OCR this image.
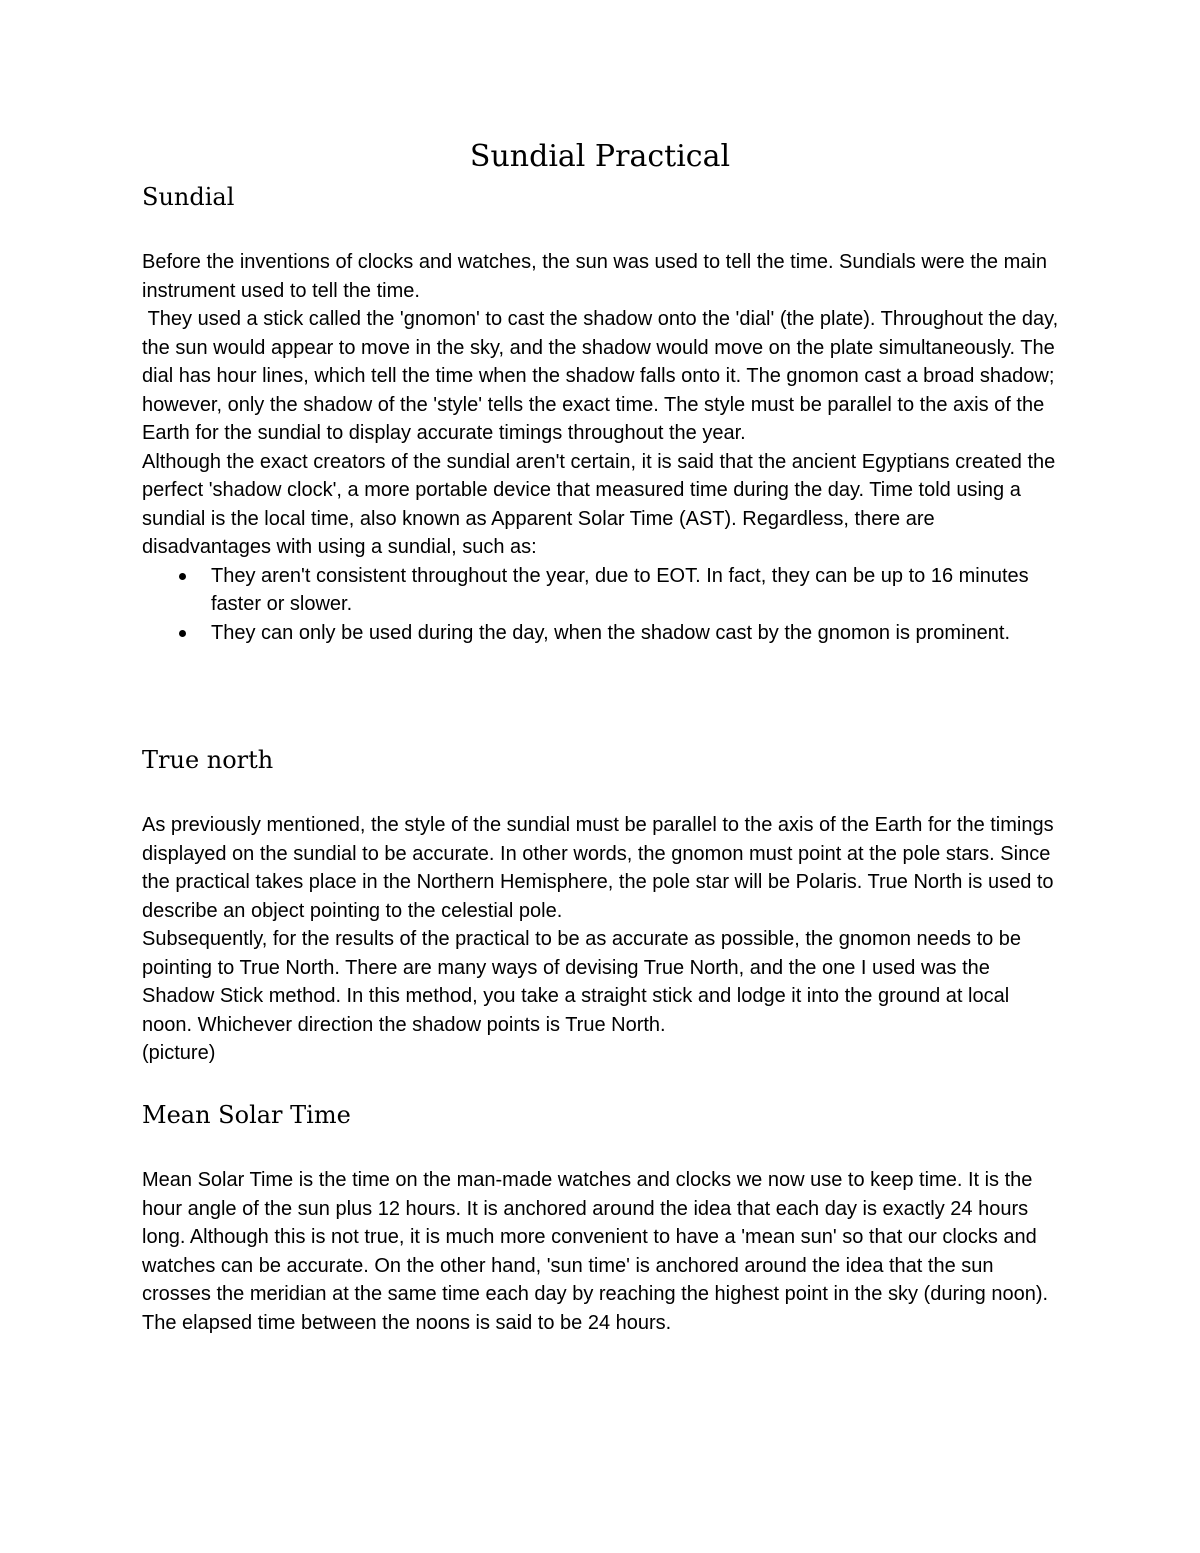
Sundial Practical
Sundial

Before the inventions of clocks and watches, the sun was used to tell the time. Sundials were the main instrument used to tell the time.

They used a stick called the 'gnomon' to cast the shadow onto the 'dial' (the plate). Throughout the day, the sun would appear to move in the sky, and the shadow would move on the plate simultaneously. The dial has hour lines, which tell the time when the shadow falls onto it. The gnomon cast a broad shadow; however, only the shadow of the 'style' tells the exact time. The style must be parallel to the axis of the Earth for the sundial to display accurate timings throughout the year.

Although the exact creators of the sundial aren't certain, it is said that the ancient Egyptians created the perfect 'shadow clock', a more portable device that measured time during the day. Time told using a sundial is the local time, also known as Apparent Solar Time (AST). Regardless, there are disadvantages with using a sundial, such as:

They aren't consistent throughout the year, due to EOT. In fact, they can be up to 16 minutes faster or slower.
They can only be used during the day, when the shadow cast by the gnomon is prominent.
True north

As previously mentioned, the style of the sundial must be parallel to the axis of the Earth for the timings displayed on the sundial to be accurate. In other words, the gnomon must point at the pole stars. Since the practical takes place in the Northern Hemisphere, the pole star will be Polaris. True North is used to describe an object pointing to the celestial pole.

Subsequently, for the results of the practical to be as accurate as possible, the gnomon needs to be pointing to True North. There are many ways of devising True North, and the one I used was the Shadow Stick method. In this method, you take a straight stick and lodge it into the ground at local noon. Whichever direction the shadow points is True North.

(picture)

Mean Solar Time

Mean Solar Time is the time on the man-made watches and clocks we now use to keep time. It is the hour angle of the sun plus 12 hours. It is anchored around the idea that each day is exactly 24 hours long. Although this is not true, it is much more convenient to have a 'mean sun' so that our clocks and watches can be accurate. On the other hand, 'sun time' is anchored around the idea that the sun crosses the meridian at the same time each day by reaching the highest point in the sky (during noon). The elapsed time between the noons is said to be 24 hours.
